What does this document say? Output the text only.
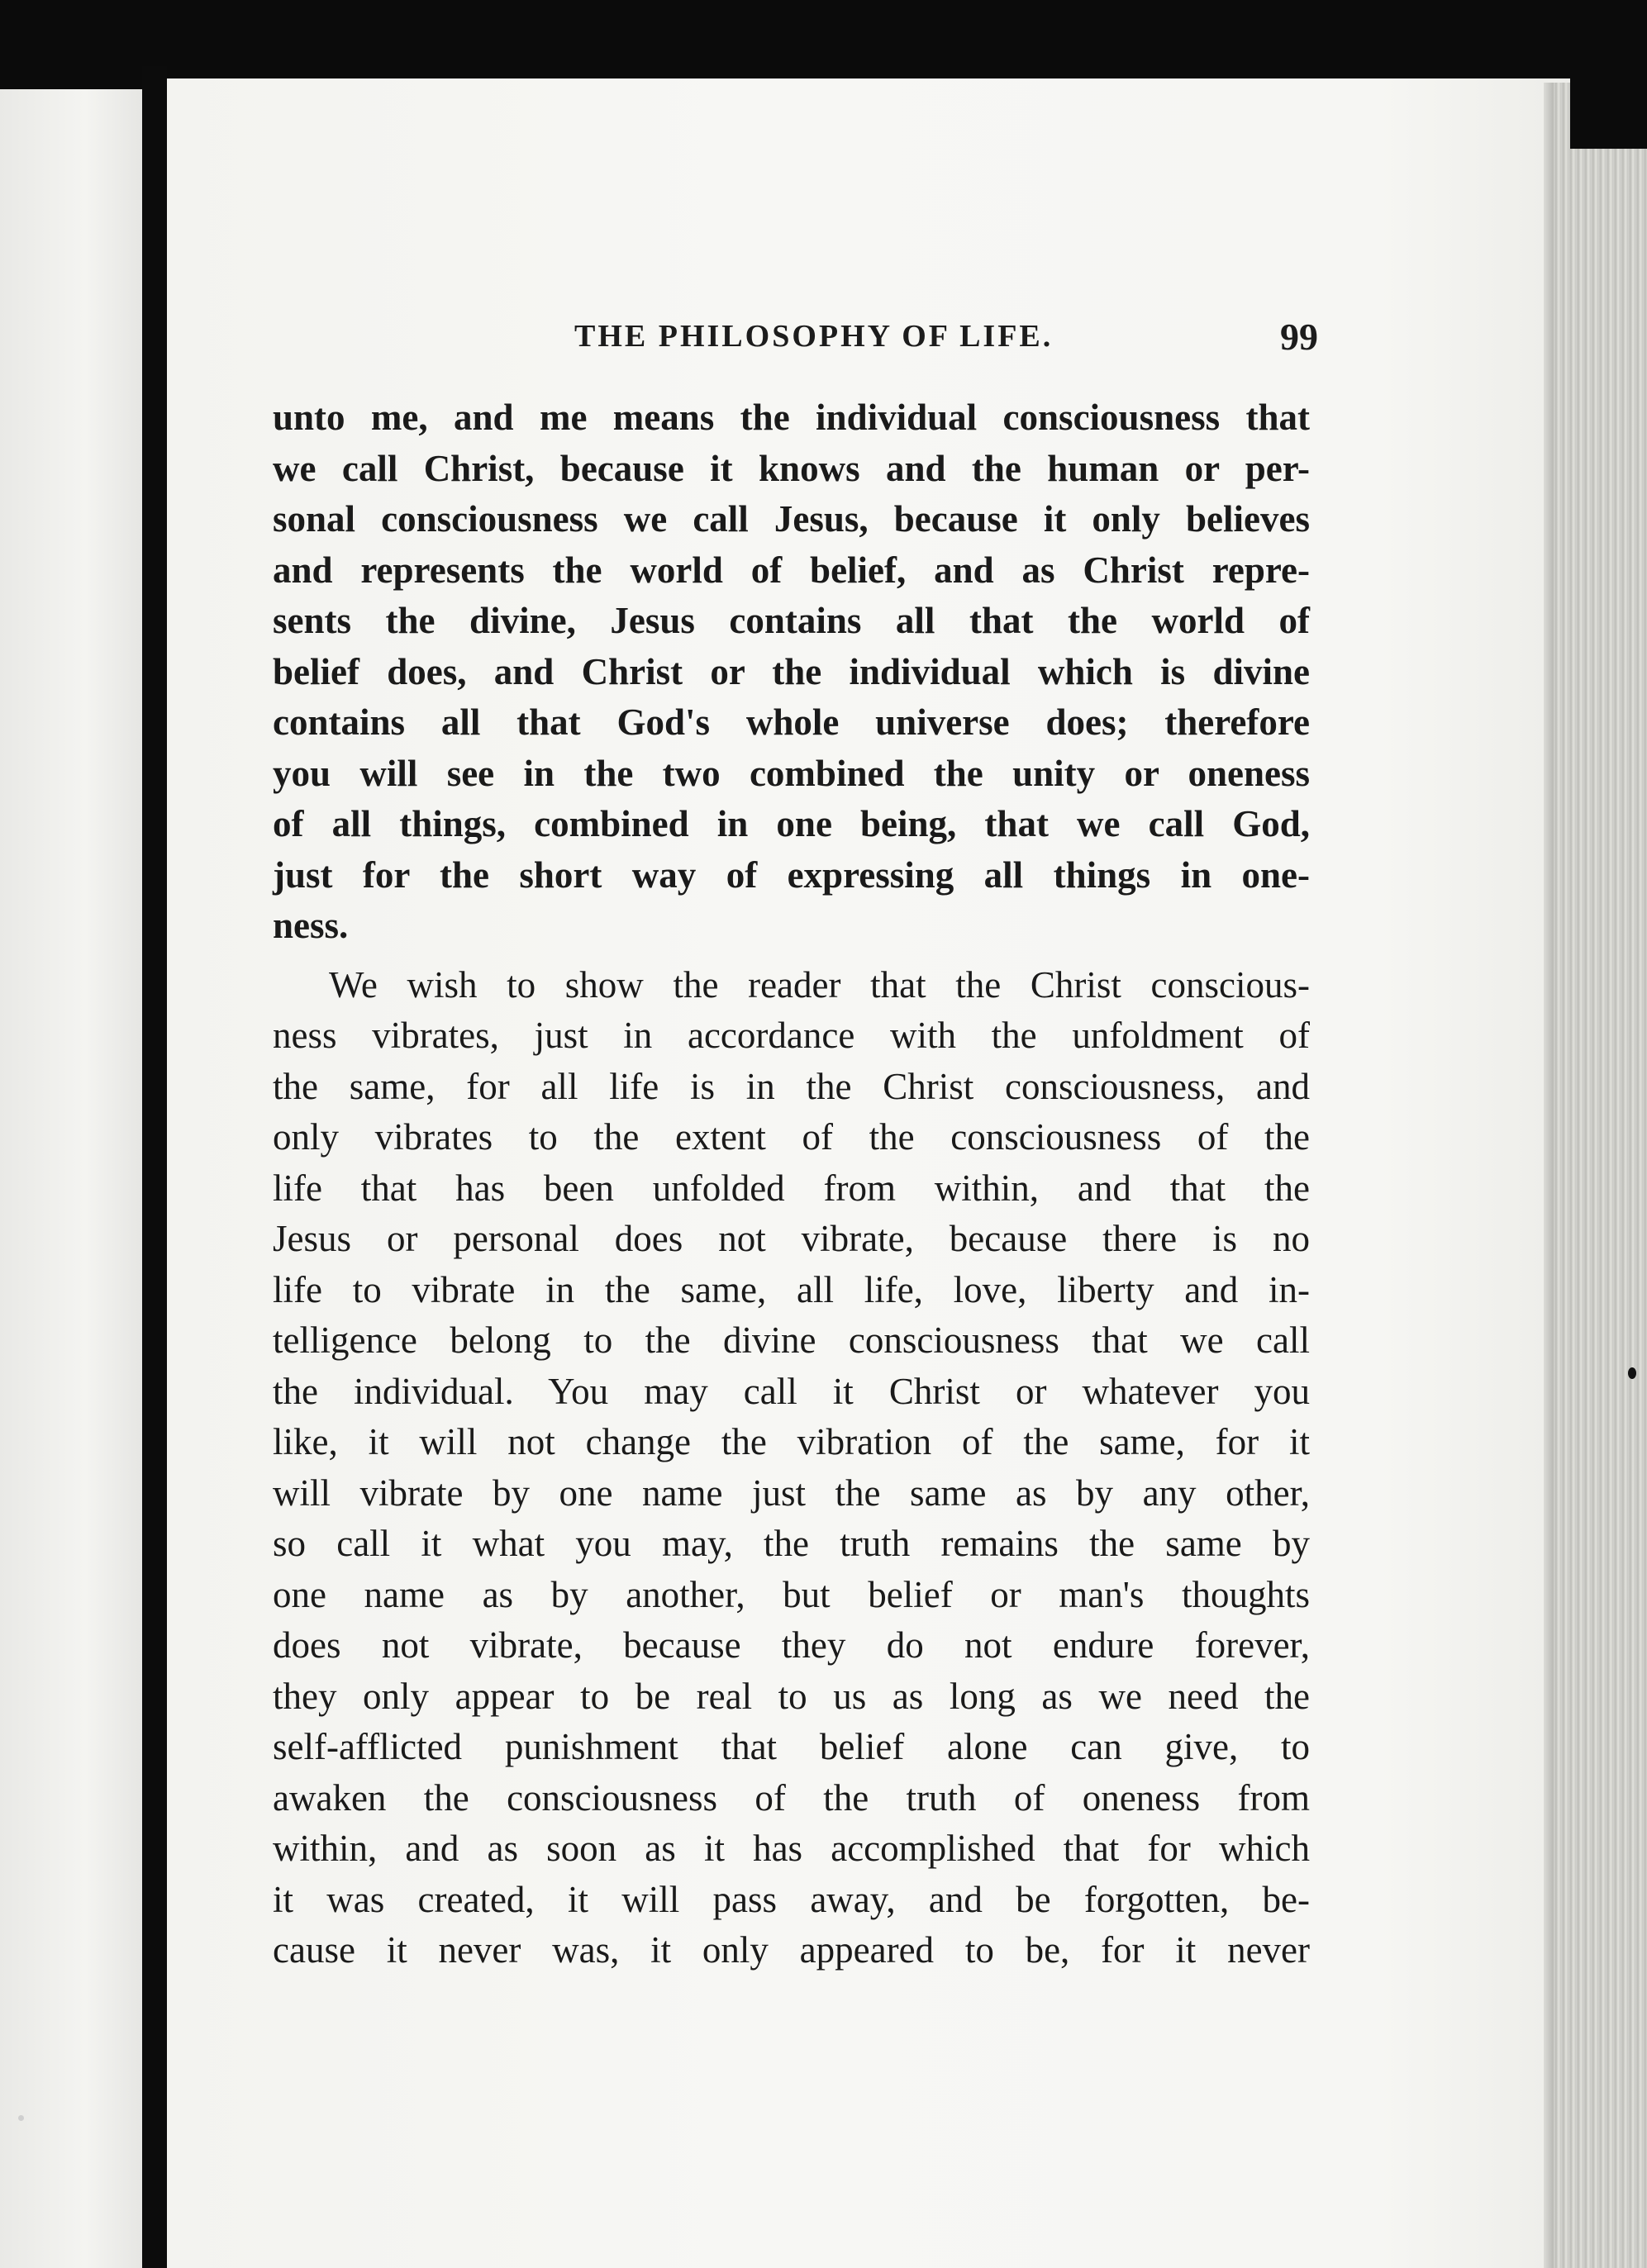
THE PHILOSOPHY OF LIFE.	99
unto me, and me means the individual consciousness that
we call Christ, because it knows and the human or per-
sonal consciousness we call Jesus, because it only believes
and represents the world of belief, and as Christ repre-
sents the divine, Jesus contains all that the world of
belief does, and Christ or the individual which is divine
contains all that God's whole universe does; therefore
you will see in the two combined the unity or oneness
of all things, combined in one being, that we call God,
just for the short way of expressing all things in one-
ness.
We wish to show the reader that the Christ conscious-
ness vibrates, just in accordance with the unfoldment of
the same, for all life is in the Christ consciousness, and
only vibrates to the extent of the consciousness of the
life that has been unfolded from within, and that the
Jesus or personal does not vibrate, because there is no
life to vibrate in the same, all life, love, liberty and in-
telligence belong to the divine consciousness that we call
the individual. You may call it Christ or whatever you
like, it will not change the vibration of the same, for it
will vibrate by one name just the same as by any other,
so call it what you may, the truth remains the same by
one name as by another, but belief or man's thoughts
does not vibrate, because they do not endure forever,
they only appear to be real to us as long as we need the
self-afflicted punishment that belief alone can give, to
awaken the consciousness of the truth of oneness from
within, and as soon as it has accomplished that for which
it was created, it will pass away, and be forgotten, be-
cause it never was, it only appeared to be, for it never
